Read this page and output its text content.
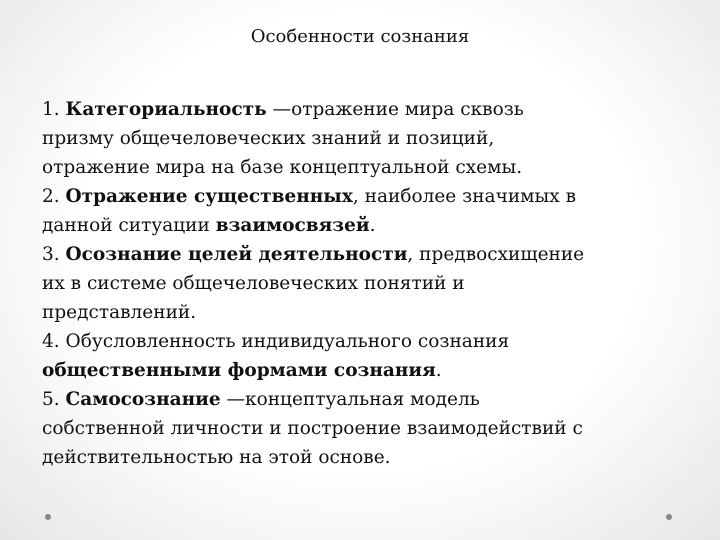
Особенности сознания
1. Категориальность —отражение мира сквозь
призму общечеловеческих знаний и позиций,
отражение мира на базе концептуальной схемы.
2. Отражение существенных, наиболее значимых в
данной ситуации взаимосвязей.
3. Осознание целей деятельности, предвосхищение
их в системе общечеловеческих понятий и
представлений.
4. Обусловленность индивидуального сознания
общественными формами сознания.
5. Самосознание —концептуальная модель
собственной личности и построение взаимодействий с
действительностью на этой основе.
